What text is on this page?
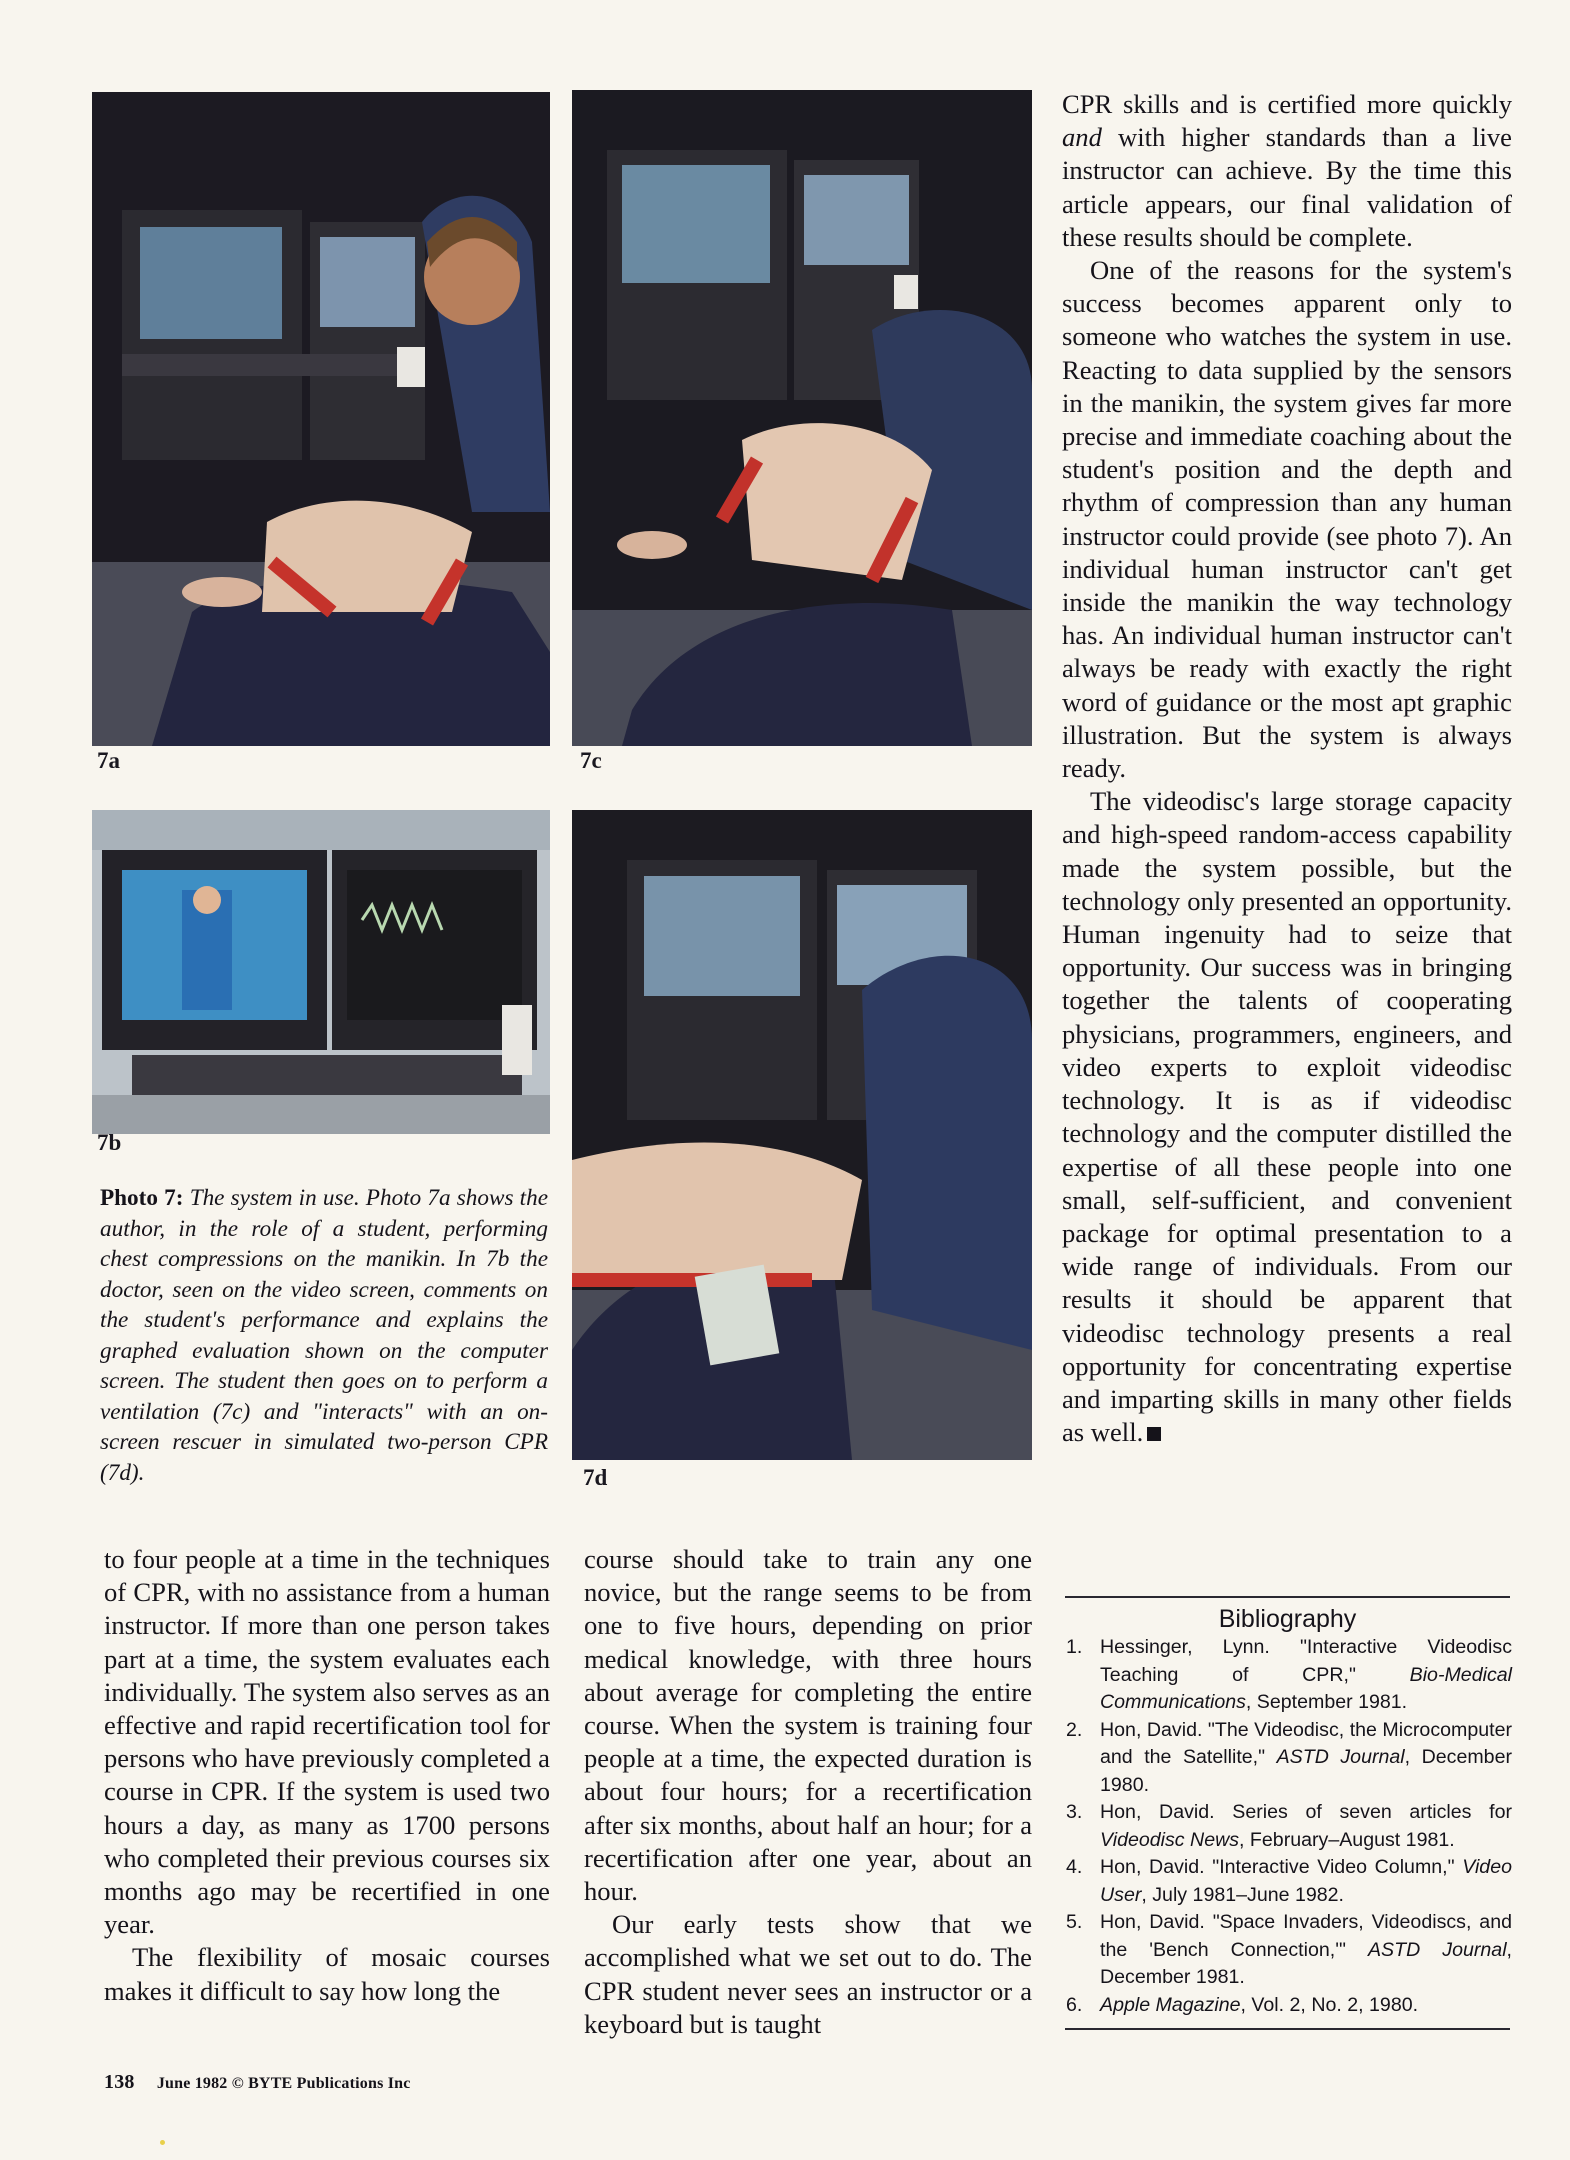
7a	7c
7b
7d
Photo 7: The system in use. Photo 7a shows the author, in the role of a student, performing chest compressions on the manikin. In 7b the doctor, seen on the video screen, comments on the student's performance and explains the graphed evaluation shown on the computer screen. The student then goes on to perform a ventilation (7c) and "interacts" with an on-screen rescuer in simulated two-person CPR (7d).

to four people at a time in the techniques of CPR, with no assistance from a human instructor. If more than one person takes part at a time, the system evaluates each individually. The system also serves as an effective and rapid recertification tool for persons who have previously completed a course in CPR. If the system is used two hours a day, as many as 1700 persons who completed their previous courses six months ago may be recertified in one year.

The flexibility of mosaic courses makes it difficult to say how long the

course should take to train any one novice, but the range seems to be from one to five hours, depending on prior medical knowledge, with three hours about average for completing the entire course. When the system is training four people at a time, the expected duration is about four hours; for a recertification after six months, about half an hour; for a recertification after one year, about an hour.

Our early tests show that we accomplished what we set out to do. The CPR student never sees an instructor or a keyboard but is taught

CPR skills and is certified more quickly and with higher standards than a live instructor can achieve. By the time this article appears, our final validation of these results should be complete.

One of the reasons for the system's success becomes apparent only to someone who watches the system in use. Reacting to data supplied by the sensors in the manikin, the system gives far more precise and immediate coaching about the student's position and the depth and rhythm of compression than any human instructor could provide (see photo 7). An individual human instructor can't get inside the manikin the way technology has. An individual human instructor can't always be ready with exactly the right word of guidance or the most apt graphic illustration. But the system is always ready.

The videodisc's large storage capacity and high-speed random-access capability made the system possible, but the technology only presented an opportunity. Human ingenuity had to seize that opportunity. Our success was in bringing together the talents of cooperating physicians, programmers, engineers, and video experts to exploit videodisc technology. It is as if videodisc technology and the computer distilled the expertise of all these people into one small, self-sufficient, and convenient package for optimal presentation to a wide range of individuals. From our results it should be apparent that videodisc technology presents a real opportunity for concentrating expertise and imparting skills in many other fields as well.

Bibliography
1. Hessinger, Lynn. "Interactive Videodisc Teaching of CPR," Bio-Medical Communications, September 1981.
2. Hon, David. "The Videodisc, the Microcomputer and the Satellite," ASTD Journal, December 1980.
3. Hon, David. Series of seven articles for Videodisc News, February–August 1981.
4. Hon, David. "Interactive Video Column," Video User, July 1981–June 1982.
5. Hon, David. "Space Invaders, Videodiscs, and the 'Bench Connection,'" ASTD Journal, December 1981.
6. Apple Magazine, Vol. 2, No. 2, 1980.
138 June 1982 © BYTE Publications Inc
